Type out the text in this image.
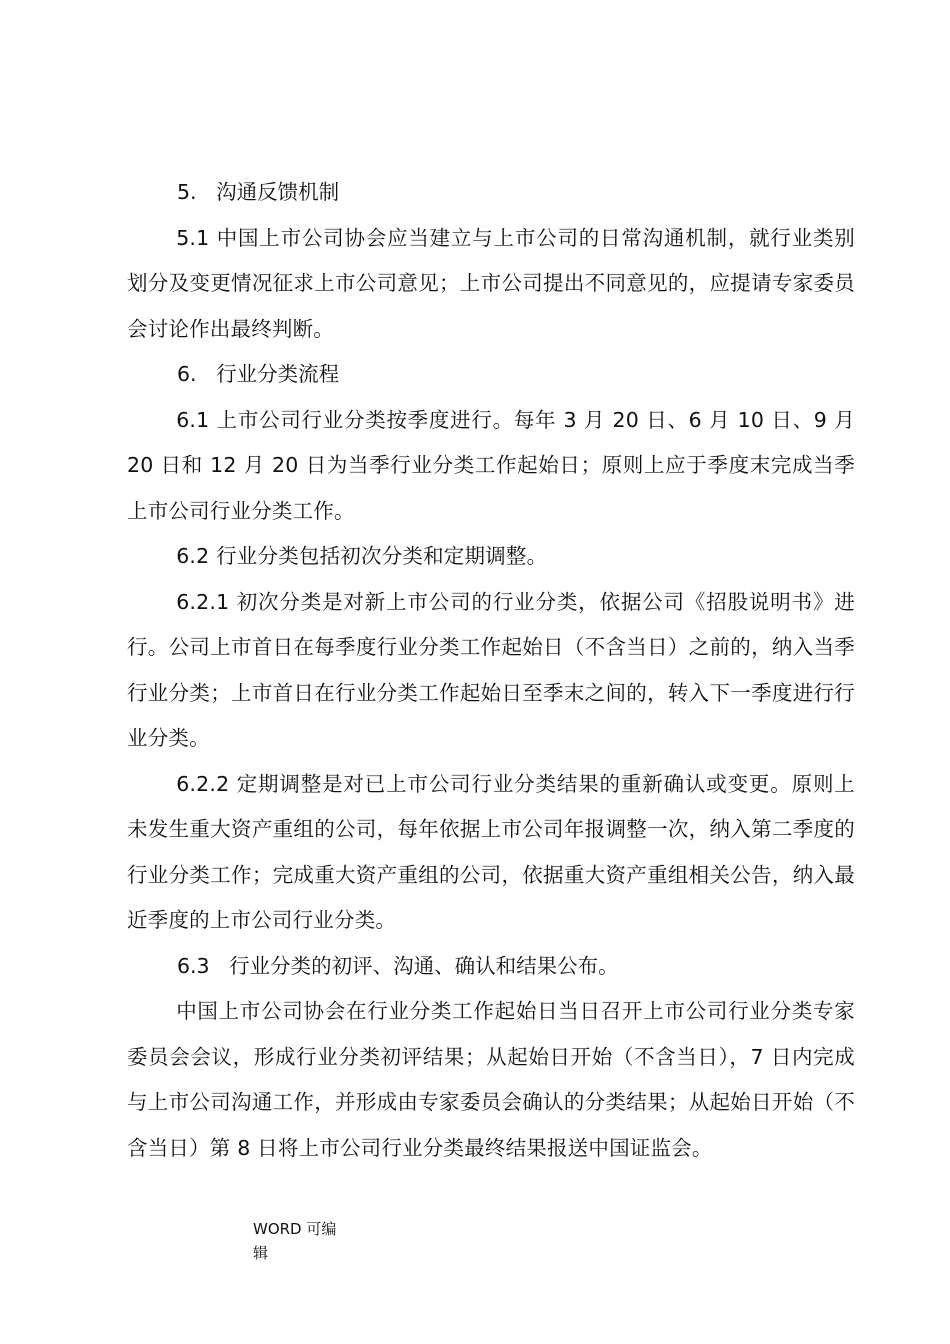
5.   沟通反馈机制

5.1 中国上市公司协会应当建立与上市公司的日常沟通机制，就行业类别划分及变更情况征求上市公司意见；上市公司提出不同意见的，应提请专家委员会讨论作出最终判断。

6.   行业分类流程

6.1 上市公司行业分类按季度进行。每年 3 月 20 日、6 月 10 日、9 月 20 日和 12 月 20 日为当季行业分类工作起始日；原则上应于季度末完成当季上市公司行业分类工作。

6.2 行业分类包括初次分类和定期调整。

6.2.1 初次分类是对新上市公司的行业分类，依据公司《招股说明书》进行。公司上市首日在每季度行业分类工作起始日（不含当日）之前的，纳入当季行业分类；上市首日在行业分类工作起始日至季末之间的，转入下一季度进行行业分类。

6.2.2 定期调整是对已上市公司行业分类结果的重新确认或变更。原则上未发生重大资产重组的公司，每年依据上市公司年报调整一次，纳入第二季度的行业分类工作；完成重大资产重组的公司，依据重大资产重组相关公告，纳入最近季度的上市公司行业分类。

6.3   行业分类的初评、沟通、确认和结果公布。

中国上市公司协会在行业分类工作起始日当日召开上市公司行业分类专家委员会会议，形成行业分类初评结果；从起始日开始（不含当日），7 日内完成与上市公司沟通工作，并形成由专家委员会确认的分类结果；从起始日开始（不含当日）第 8 日将上市公司行业分类最终结果报送中国证监会。

WORD 可编
辑
